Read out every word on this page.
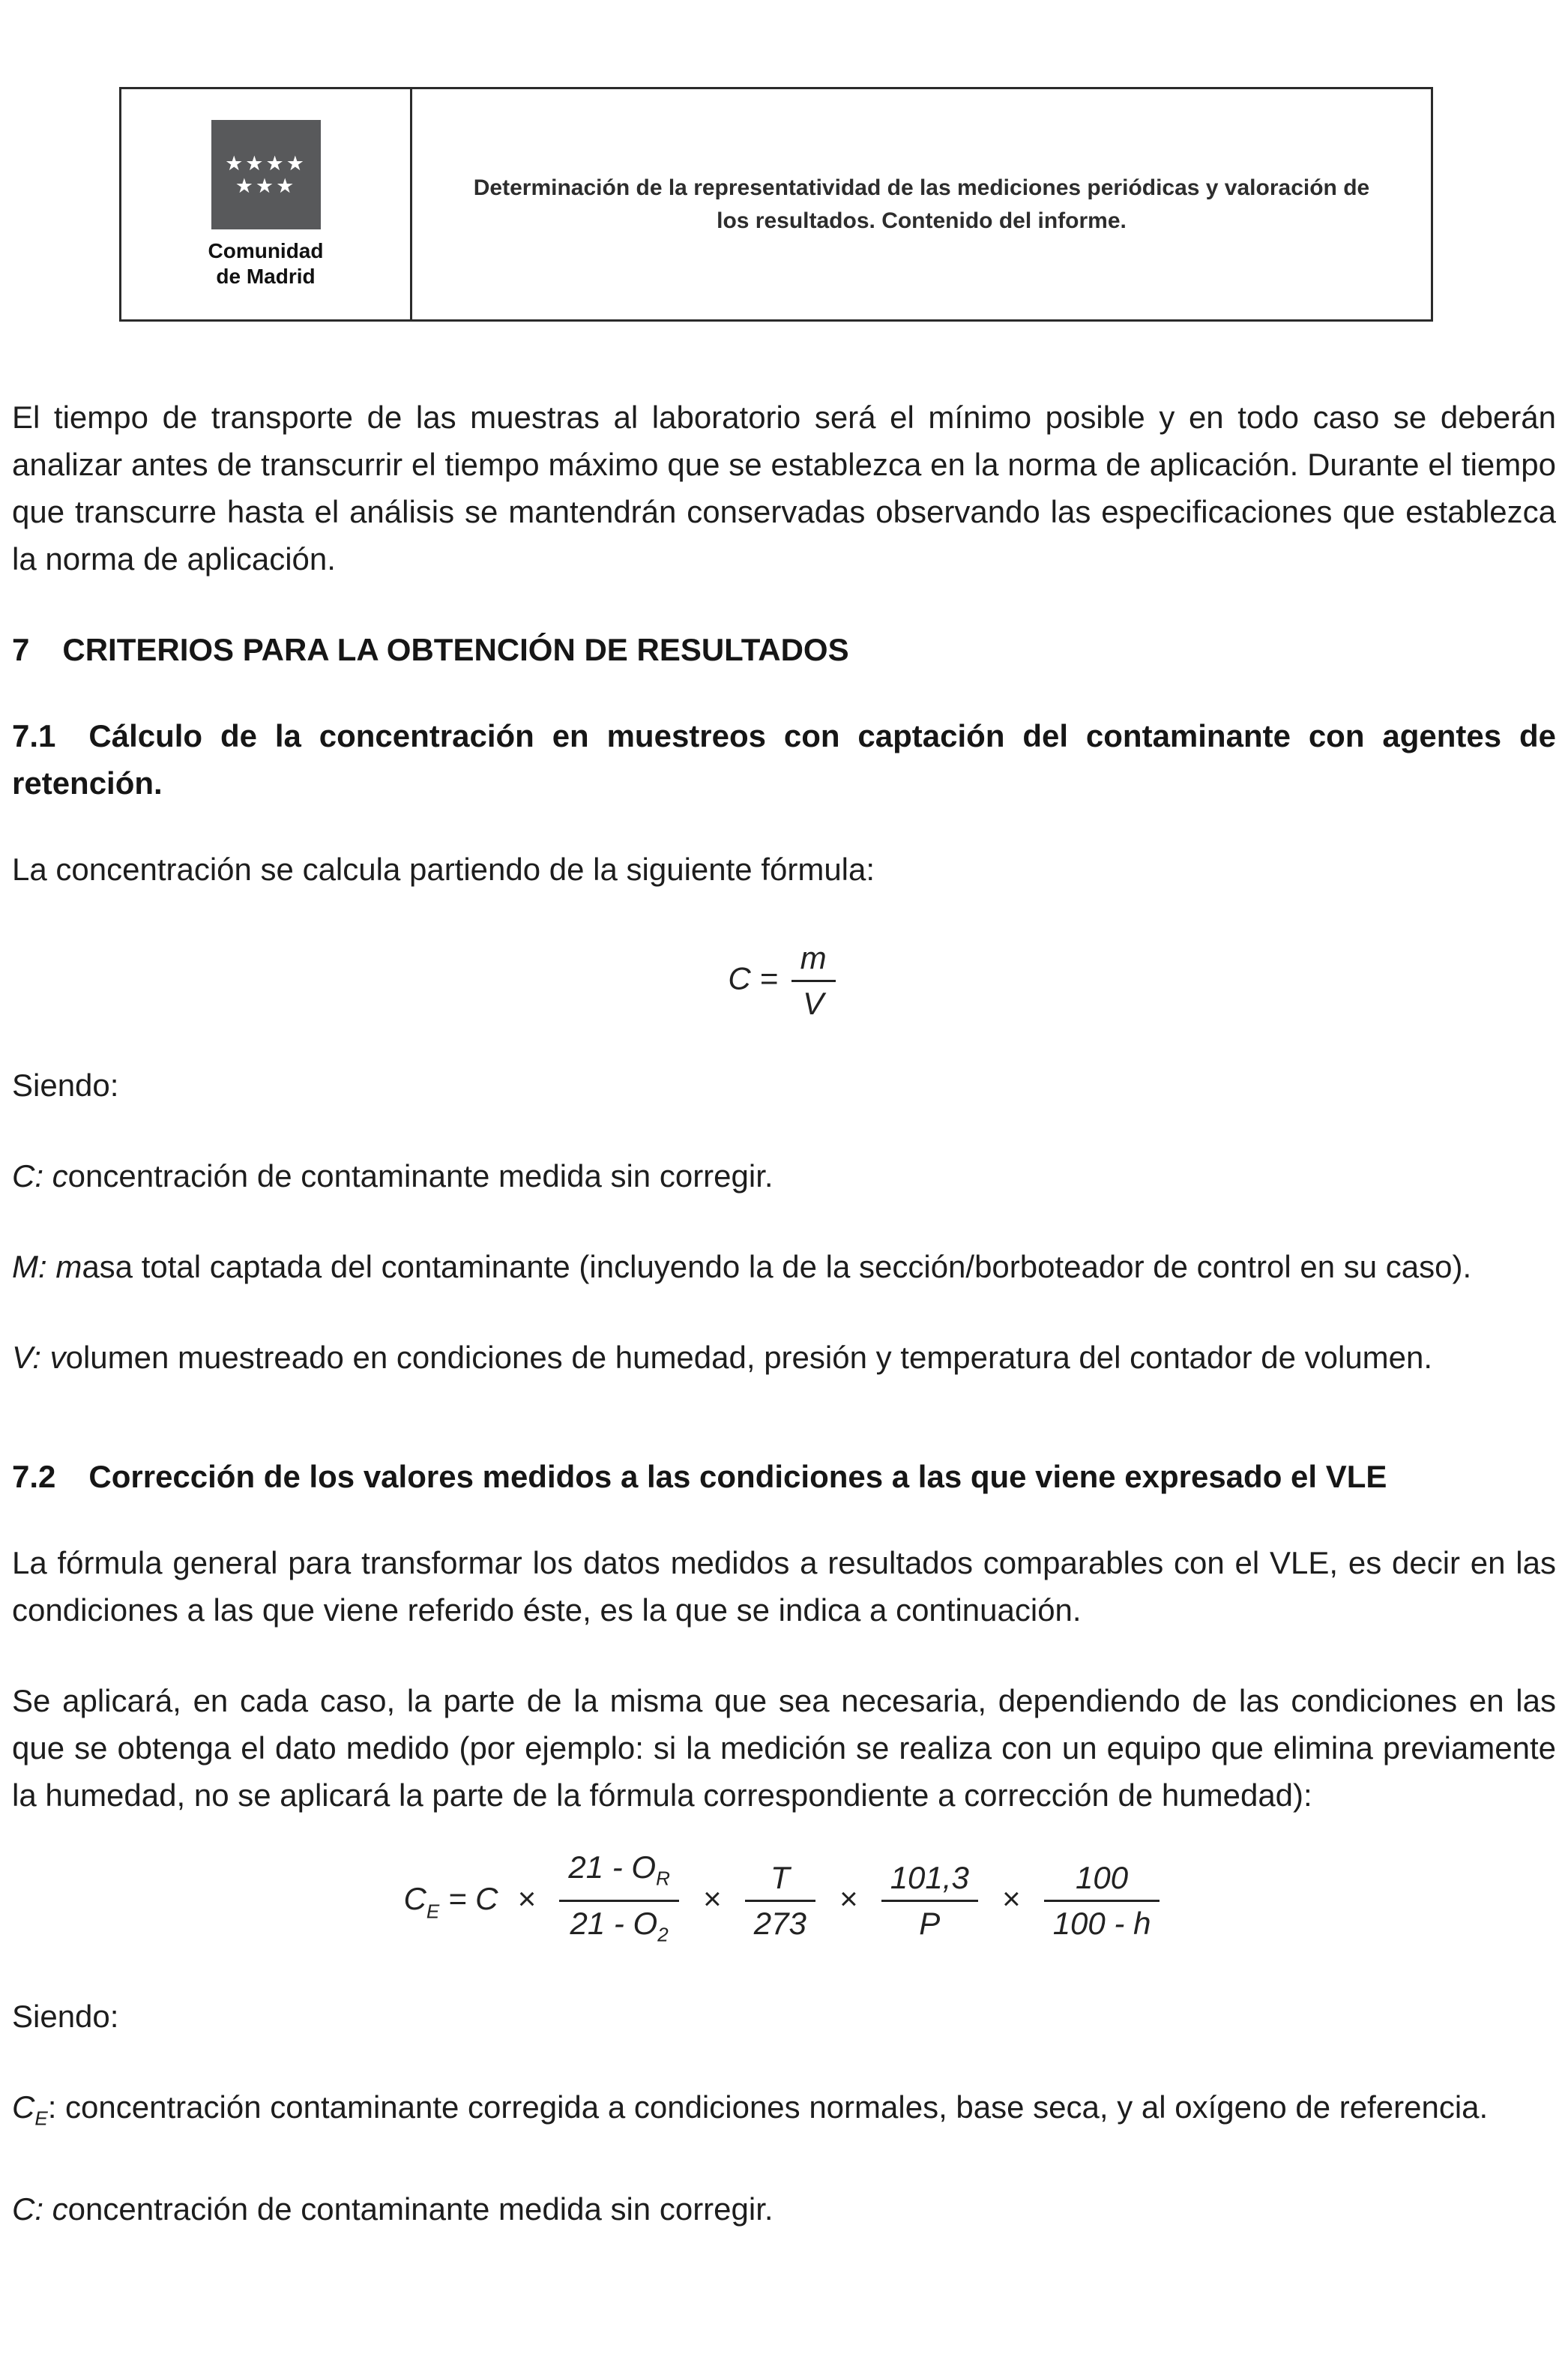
★★★★
★★★
Comunidad
de Madrid
Determinación de la representatividad de las mediciones periódicas y valoración de los resultados. Contenido del informe.

El tiempo de transporte de las muestras al laboratorio será el mínimo posible y en todo caso se deberán analizar antes de transcurrir el tiempo máximo que se establezca en la norma de aplicación. Durante el tiempo que transcurre hasta el análisis se mantendrán conservadas observando las especificaciones que establezca la norma de aplicación.

7 CRITERIOS PARA LA OBTENCIÓN DE RESULTADOS
7.1 Cálculo de la concentración en muestreos con captación del contaminante con agentes de retención.

La concentración se calcula partiendo de la siguiente fórmula:

$C = \frac{m}{V}$

Siendo:

C: concentración de contaminante medida sin corregir.

M: masa total captada del contaminante (incluyendo la de la sección/borboteador de control en su caso).

V: volumen muestreado en condiciones de humedad, presión y temperatura del contador de volumen.

7.2 Corrección de los valores medidos a las condiciones a las que viene expresado el VLE

La fórmula general para transformar los datos medidos a resultados comparables con el VLE, es decir en las condiciones a las que viene referido éste, es la que se indica a continuación.

Se aplicará, en cada caso, la parte de la misma que sea necesaria, dependiendo de las condiciones en las que se obtenga el dato medido (por ejemplo: si la medición se realiza con un equipo que elimina previamente la humedad, no se aplicará la parte de la fórmula correspondiente a corrección de humedad):

$C_E = C \times \frac{21 - O_R}{21 - O_2} \times \frac{T}{273} \times \frac{101,3}{P} \times \frac{100}{100 - h}$

Siendo:

$C_E$: concentración contaminante corregida a condiciones normales, base seca, y al oxígeno de referencia.

C: concentración de contaminante medida sin corregir.
